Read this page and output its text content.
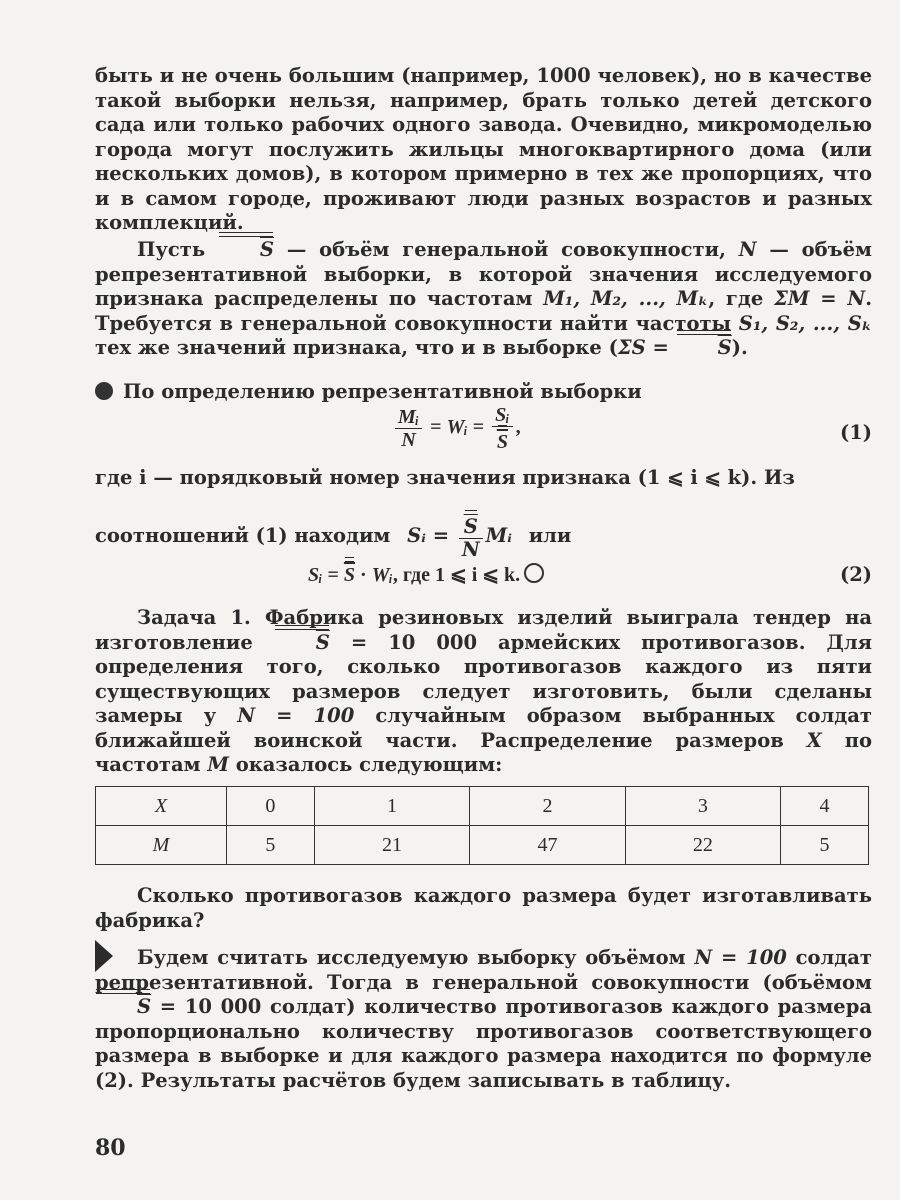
быть и не очень большим (например, 1000 человек), но в качестве такой выборки нельзя, например, брать только детей детского сада или только рабочих одного завода. Очевидно, микромоделью города могут послужить жильцы многоквартирного дома (или нескольких домов), в котором примерно в тех же пропорциях, что и в самом городе, проживают люди разных возрастов и разных комплекций.
Пусть $\overline{S}$ — объём генеральной совокупности, N — объём репрезентативной выборки, в которой значения исследуемого признака распределены по частотам M₁, M₂, ..., Mₖ, где ΣM = N. Требуется в генеральной совокупности найти частоты S₁, S₂, ..., Sₖ тех же значений признака, что и в выборке $(\Sigma S = \overline{S})$.
По определению репрезентативной выборки
$\frac{\text{Mᵢ}}{N}$ = Wᵢ = $\frac{\text{Sᵢ}}{S}$ ,	(1)
где i — порядковый номер значения признака (1 ⩽ i ⩽ k). Из
соотношений (1) находим Sᵢ = $\frac{\overline{S}}{N}$ Mᵢ или
Sᵢ = $\overline{S}$ · Wᵢ, где 1 ⩽ i ⩽ k.	(2)
Задача 1. Фабрика резиновых изделий выиграла тендер на изготовление $\overline{S} = 10$ 000 армейских противогазов. Для определения того, сколько противогазов каждого из пяти существующих размеров следует изготовить, были сделаны замеры у N = 100 случайным образом выбранных солдат ближайшей воинской части. Распределение размеров X по частотам M оказалось следующим:
X	0	1	2	3	4
M	5	21	47	22	5
Сколько противогазов каждого размера будет изготавливать фабрика?
Будем считать исследуемую выборку объёмом N = 100 солдат репрезентативной. Тогда в генеральной совокупности (объёмом $\overline{S} = 10$ 000 солдат) количество противогазов каждого размера пропорционально количеству противогазов соответствующего размера в выборке и для каждого размера находится по формуле (2). Результаты расчётов будем записывать в таблицу.
80
